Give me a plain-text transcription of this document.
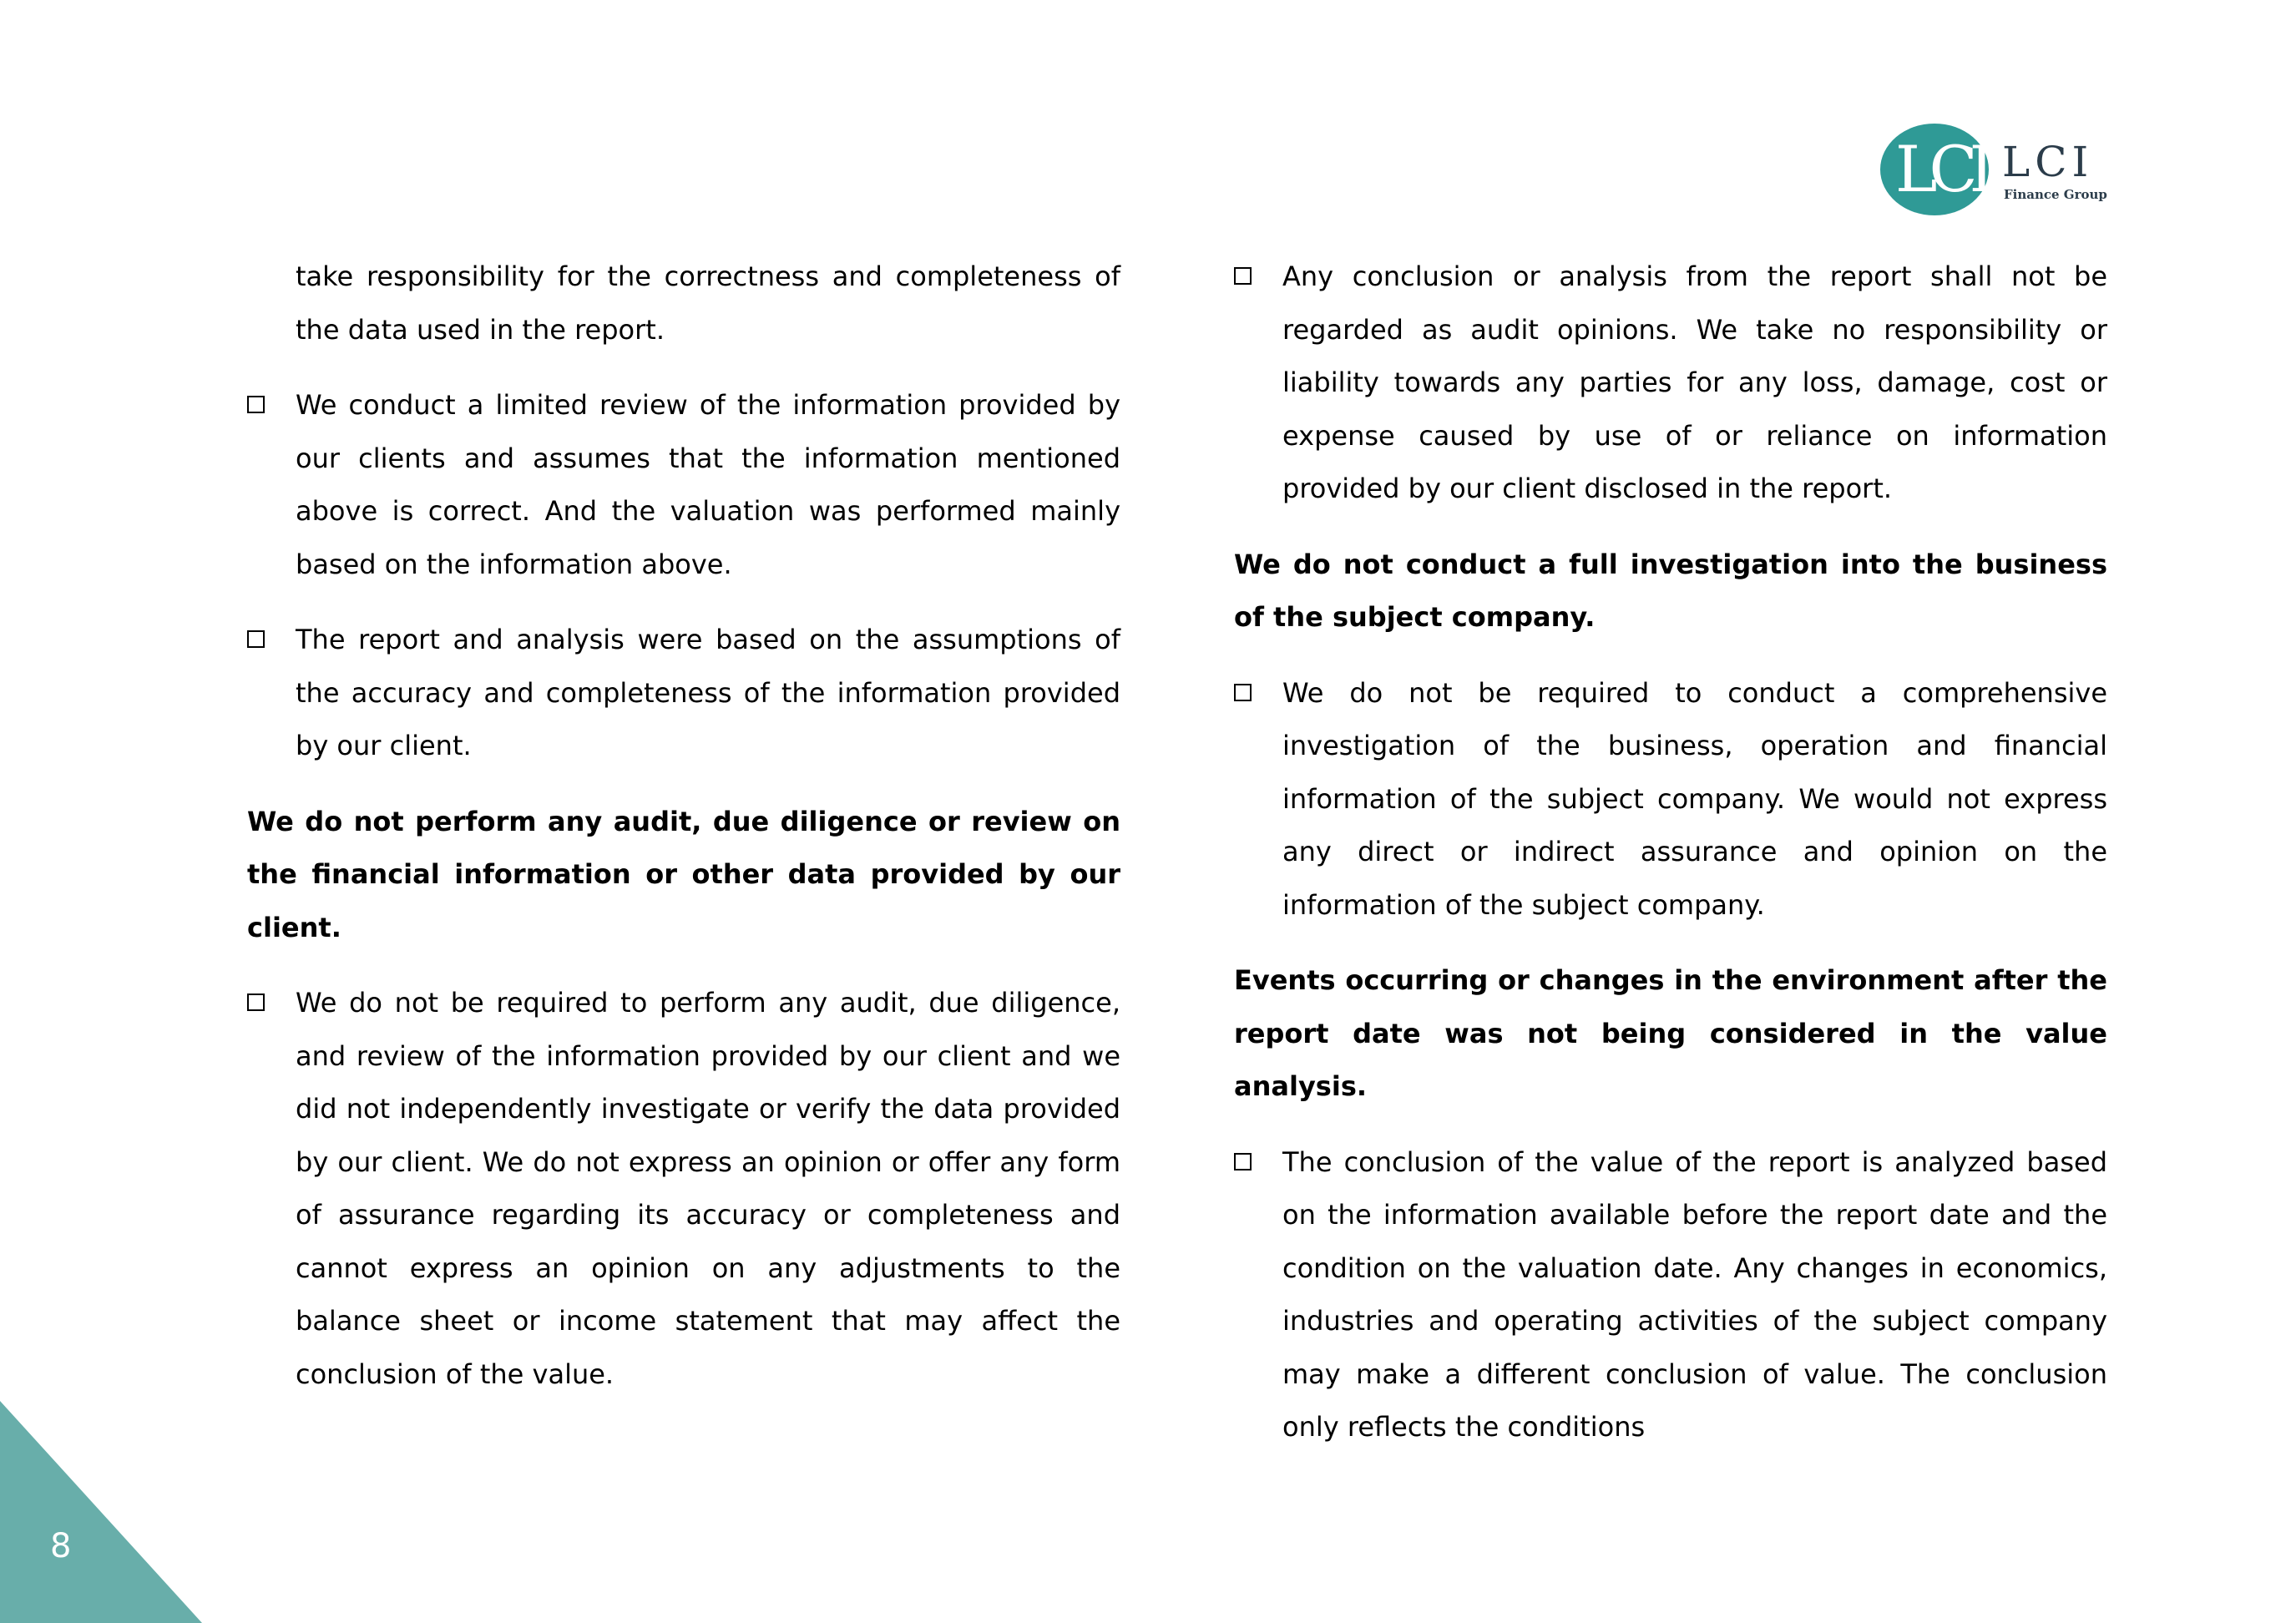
LCI LCI
Finance Group

take responsibility for the correctness and completeness of the data used in the report.

We conduct a limited review of the information provided by our clients and assumes that the information mentioned above is correct. And the valuation was performed mainly based on the information above.
The report and analysis were based on the assumptions of the accuracy and completeness of the information provided by our client.

We do not perform any audit, due diligence or review on the financial information or other data provided by our client.

We do not be required to perform any audit, due diligence, and review of the information provided by our client and we did not independently investigate or verify the data provided by our client. We do not express an opinion or offer any form of assurance regarding its accuracy or completeness and cannot express an opinion on any adjustments to the balance sheet or income statement that may affect the conclusion of the value.
Any conclusion or analysis from the report shall not be regarded as audit opinions. We take no responsibility or liability towards any parties for any loss, damage, cost or expense caused by use of or reliance on information provided by our client disclosed in the report.

We do not conduct a full investigation into the business of the subject company.

We do not be required to conduct a comprehensive investigation of the business, operation and financial information of the subject company. We would not express any direct or indirect assurance and opinion on the information of the subject company.

Events occurring or changes in the environment after the report date was not being considered in the value analysis.

The conclusion of the value of the report is analyzed based on the information available before the report date and the condition on the valuation date. Any changes in economics, industries and operating activities of the subject company may make a different conclusion of value. The conclusion only reflects the conditions
8
